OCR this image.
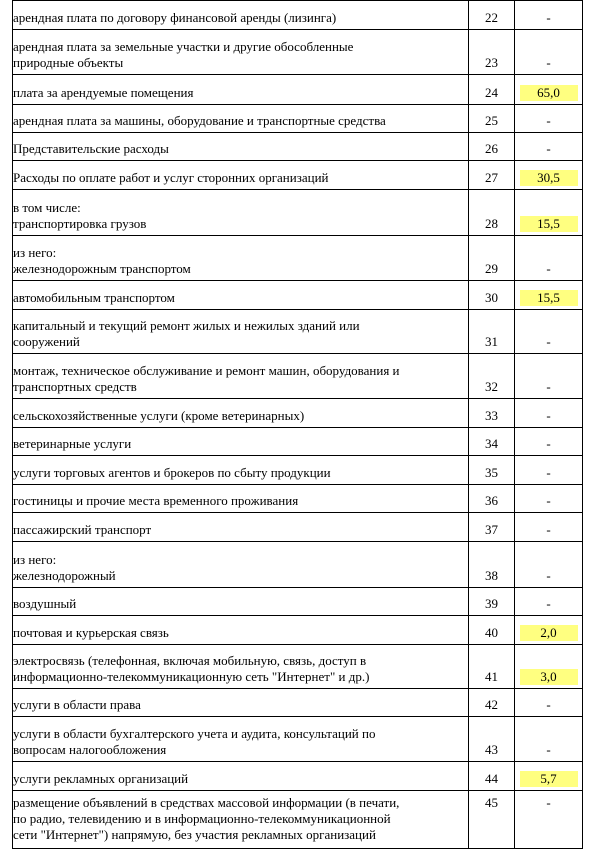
арендная плата по договору финансовой аренды (лизинга)	22	-

арендная плата за земельные участки и другие обособленные
природные объекты	23	-

плата за арендуемые помещения	24	65,0

арендная плата за машины, оборудование и транспортные средства	25	-

Представительские расходы	26	-

Расходы по оплате работ и услуг сторонних организаций	27	30,5

в том числе:
транспортировка грузов	28	15,5

из него:
железнодорожным транспортом	29	-

автомобильным транспортом	30	15,5

капитальный и текущий ремонт жилых и нежилых зданий или
сооружений	31	-

монтаж, техническое обслуживание и ремонт машин, оборудования и
транспортных средств	32	-

сельскохозяйственные услуги (кроме ветеринарных)	33	-

ветеринарные услуги	34	-

услуги торговых агентов и брокеров по сбыту продукции	35	-

гостиницы и прочие места временного проживания	36	-

пассажирский транспорт	37	-

из него:
железнодорожный	38	-

воздушный	39	-

почтовая и курьерская связь	40	2,0

электросвязь (телефонная, включая мобильную, связь, доступ в
информационно-телекоммуникационную сеть "Интернет" и др.)	41	3,0

услуги в области права	42	-

услуги в области бухгалтерского учета и аудита, консультаций по
вопросам налогообложения	43	-

услуги рекламных организаций	44	5,7

размещение объявлений в средствах массовой информации (в печати,
по радио, телевидению и в информационно-телекоммуникационной
сети "Интернет") напрямую, без участия рекламных организаций	45	-
